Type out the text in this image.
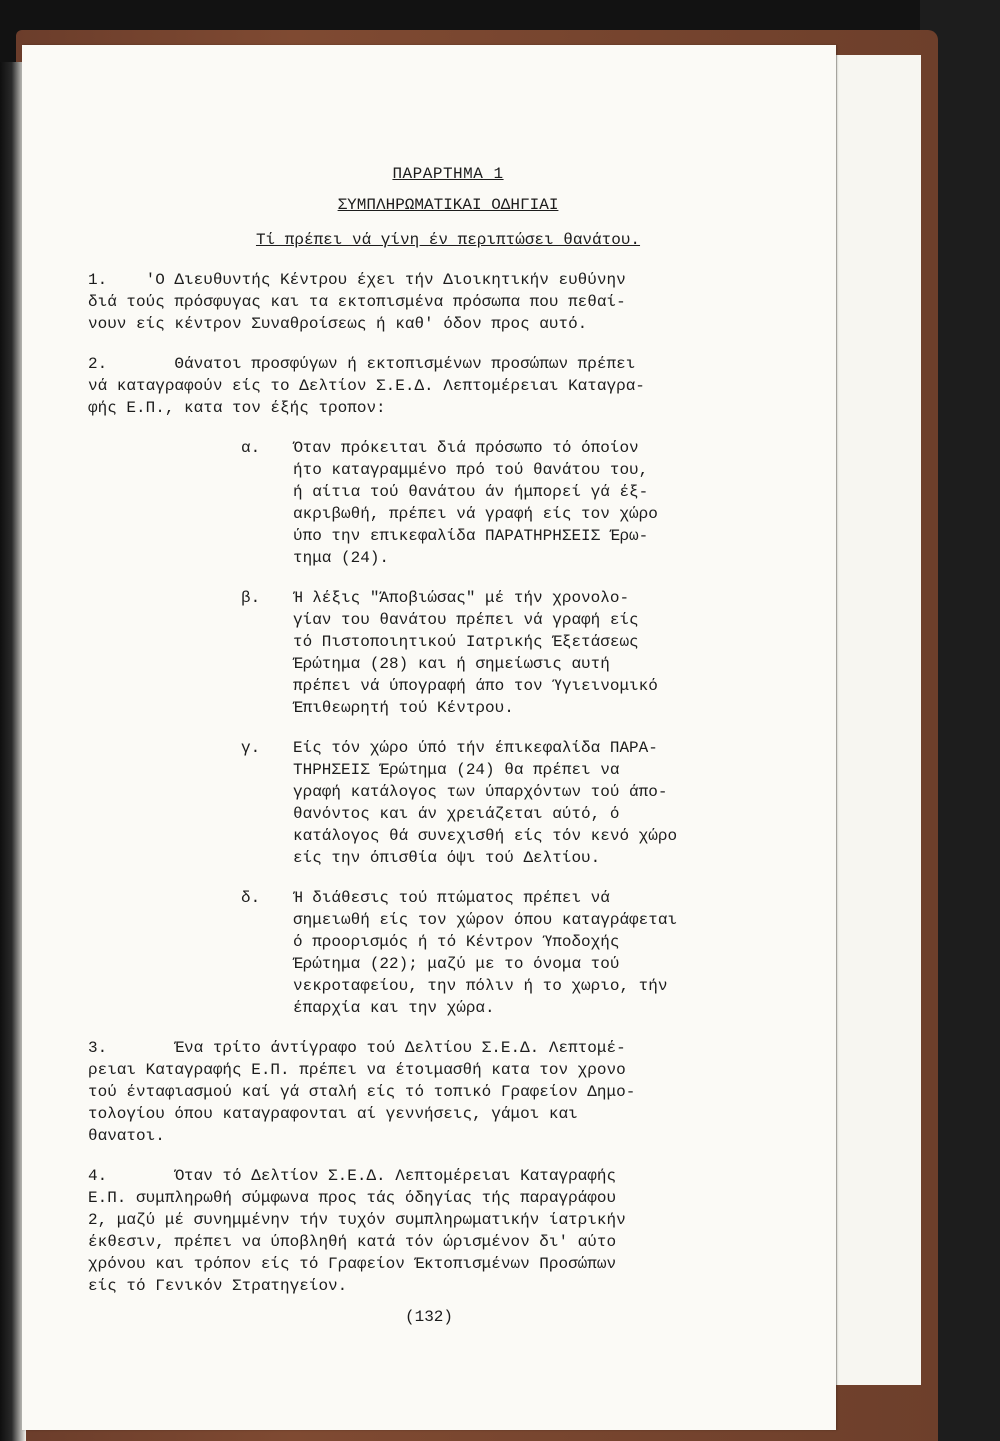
ΠΑΡΑΡΤΗΜΑ 1
ΣΥΜΠΛΗΡΩΜΑΤΙΚΑΙ ΟΔΗΓΙΑΙ
Τί πρέπει νά γίνη έν περιπτώσει θανάτου.

1.    'Ο Διευθυντής Κέντρου έχει τήν Διοικητικήν ευθύνην
διά τούς πρόσφυγας και τα εκτοπισμένα πρόσωπα που πεθαί-
νουν είς κέντρον Συναθροίσεως ή καθ' όδον προς αυτό.

2.       Θάνατοι προσφύγων ή εκτοπισμένων προσώπων πρέπει
νά καταγραφούν είς το Δελτίον Σ.Ε.Δ. Λεπτομέρειαι Καταγρα-
φής Ε.Π., κατα τον έξής τροπον:

α.	Όταν πρόκειται διά πρόσωπο τό όποίον
ήτο καταγραμμένο πρό τού θανάτου του,
ή αίτια τού θανάτου άν ήμπορεί γά έξ-
ακριβωθή, πρέπει νά γραφή είς τον χώρο
ύπο την επικεφαλίδα ΠΑΡΑΤΗΡΗΣΕΙΣ Έρω-
τημα (24).
β.	Ή λέξις "Άποβιώσας" μέ τήν χρονολο-
γίαν του θανάτου πρέπει νά γραφή είς
τό Πιστοποιητικού Ιατρικής Έξετάσεως
Έρώτημα (28) και ή σημείωσις αυτή
πρέπει νά ύπογραφή άπο τον Ύγιεινομικό
Έπιθεωρητή τού Κέντρου.
γ.	Είς τόν χώρο ύπό τήν έπικεφαλίδα ΠΑΡΑ-
ΤΗΡΗΣΕΙΣ Έρώτημα (24) θα πρέπει να
γραφή κατάλογος των ύπαρχόντων τού άπο-
θανόντος και άν χρειάζεται αύτό, ό
κατάλογος θά συνεχισθή είς τόν κενό χώρο
είς την όπισθία όψι τού Δελτίου.
δ.	Ή διάθεσις τού πτώματος πρέπει νά
σημειωθή είς τον χώρον όπου καταγράφεται
ό προορισμός ή τό Κέντρον Ύποδοχής
Έρώτημα (22); μαζύ με το όνομα τού
νεκροταφείου, την πόλιν ή το χωριο, τήν
έπαρχία και την χώρα.

3.       Ένα τρίτο άντίγραφο τού Δελτίου Σ.Ε.Δ. Λεπτομέ-
ρειαι Καταγραφής Ε.Π. πρέπει να έτοιμασθή κατα τον χρονο
τού ένταφιασμού καί γά σταλή είς τό τοπικό Γραφείον Δημο-
τολογίου όπου καταγραφονται αί γεννήσεις, γάμοι και
θανατοι.

4.       Όταν τό Δελτίον Σ.Ε.Δ. Λεπτομέρειαι Καταγραφής
Ε.Π. συμπληρωθή σύμφωνα προς τάς όδηγίας τής παραγράφου
2, μαζύ μέ συνημμένην τήν τυχόν συμπληρωματικήν ίατρικήν
έκθεσιν, πρέπει να ύποβληθή κατά τόν ώρισμένον δι' αύτο
χρόνου και τρόπον είς τό Γραφείον Έκτοπισμένων Προσώπων
είς τό Γενικόν Στρατηγείον.

(132)
